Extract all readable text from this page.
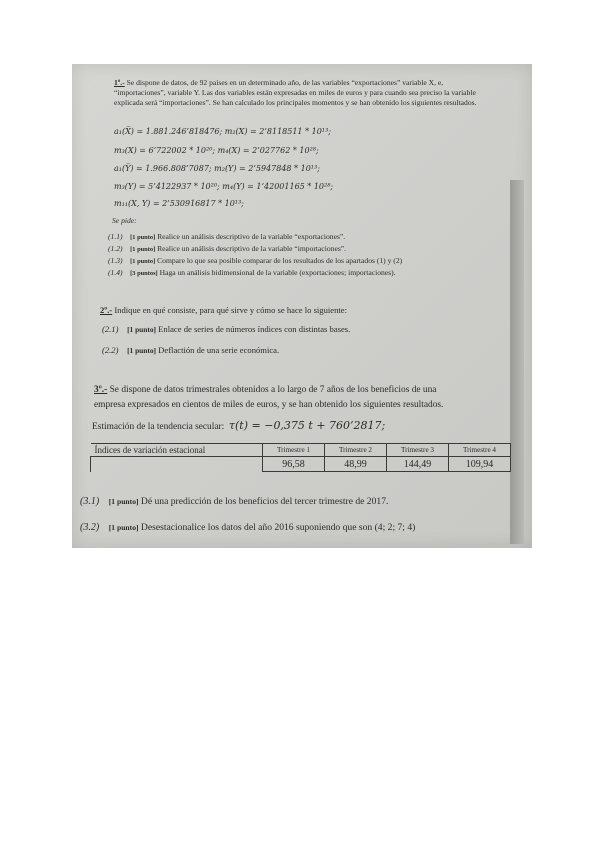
1º.- Se dispone de datos, de 92 países en un determinado año, de las variables “exportaciones” variable X, e, “importaciones”, variable Y. Las dos variables están expresadas en miles de euros y para cuando sea preciso la variable explicada será “importaciones”. Se han calculado los principales momentos y se han obtenido los siguientes resultados.
a₁(X̅) = 1.881.246’818476; m₂(X) = 2’8118511 * 10¹³;
m₃(X) = 6’722002 * 10²⁰; m₄(X) = 2’027762 * 10²⁸;
a₁(Y̅) = 1.966.808’7087; m₂(Y) = 2’5947848 * 10¹³;
m₃(Y) = 5’4122937 * 10²⁰; m₄(Y) = 1’42001165 * 10²⁸;
m₁₁(X, Y) = 2’530916817 * 10¹³;
Se pide:
(1.1) [1 punto] Realice un análisis descriptivo de la variable “exportaciones”.
(1.2) [1 punto] Realice un análisis descriptivo de la variable “importaciones”.
(1.3) [1 punto] Compare lo que sea posible comparar de los resultados de los apartados (1) y (2)
(1.4) [3 puntos] Haga un análisis bidimensional de la variable (exportaciones; importaciones).
2º.- Indique en qué consiste, para qué sirve y cómo se hace lo siguiente:
(2.1) [1 punto] Enlace de series de números índices con distintas bases.
(2.2) [1 punto] Deflactión de una serie económica.
3º.- Se dispone de datos trimestrales obtenidos a lo largo de 7 años de los beneficios de una
empresa expresados en cientos de miles de euros, y se han obtenido los siguientes resultados.
Estimación de la tendencia secular: τ(t) = −0,375 t + 760’2817;
Índices de variación estacional	Trimestre 1	Trimestre 2	Trimestre 3	Trimestre 4
	96,58	48,99	144,49	109,94
(3.1) [1 punto] Dé una predicción de los beneficios del tercer trimestre de 2017.
(3.2) [1 punto] Desestacionalice los datos del año 2016 suponiendo que son (4; 2; 7; 4)
